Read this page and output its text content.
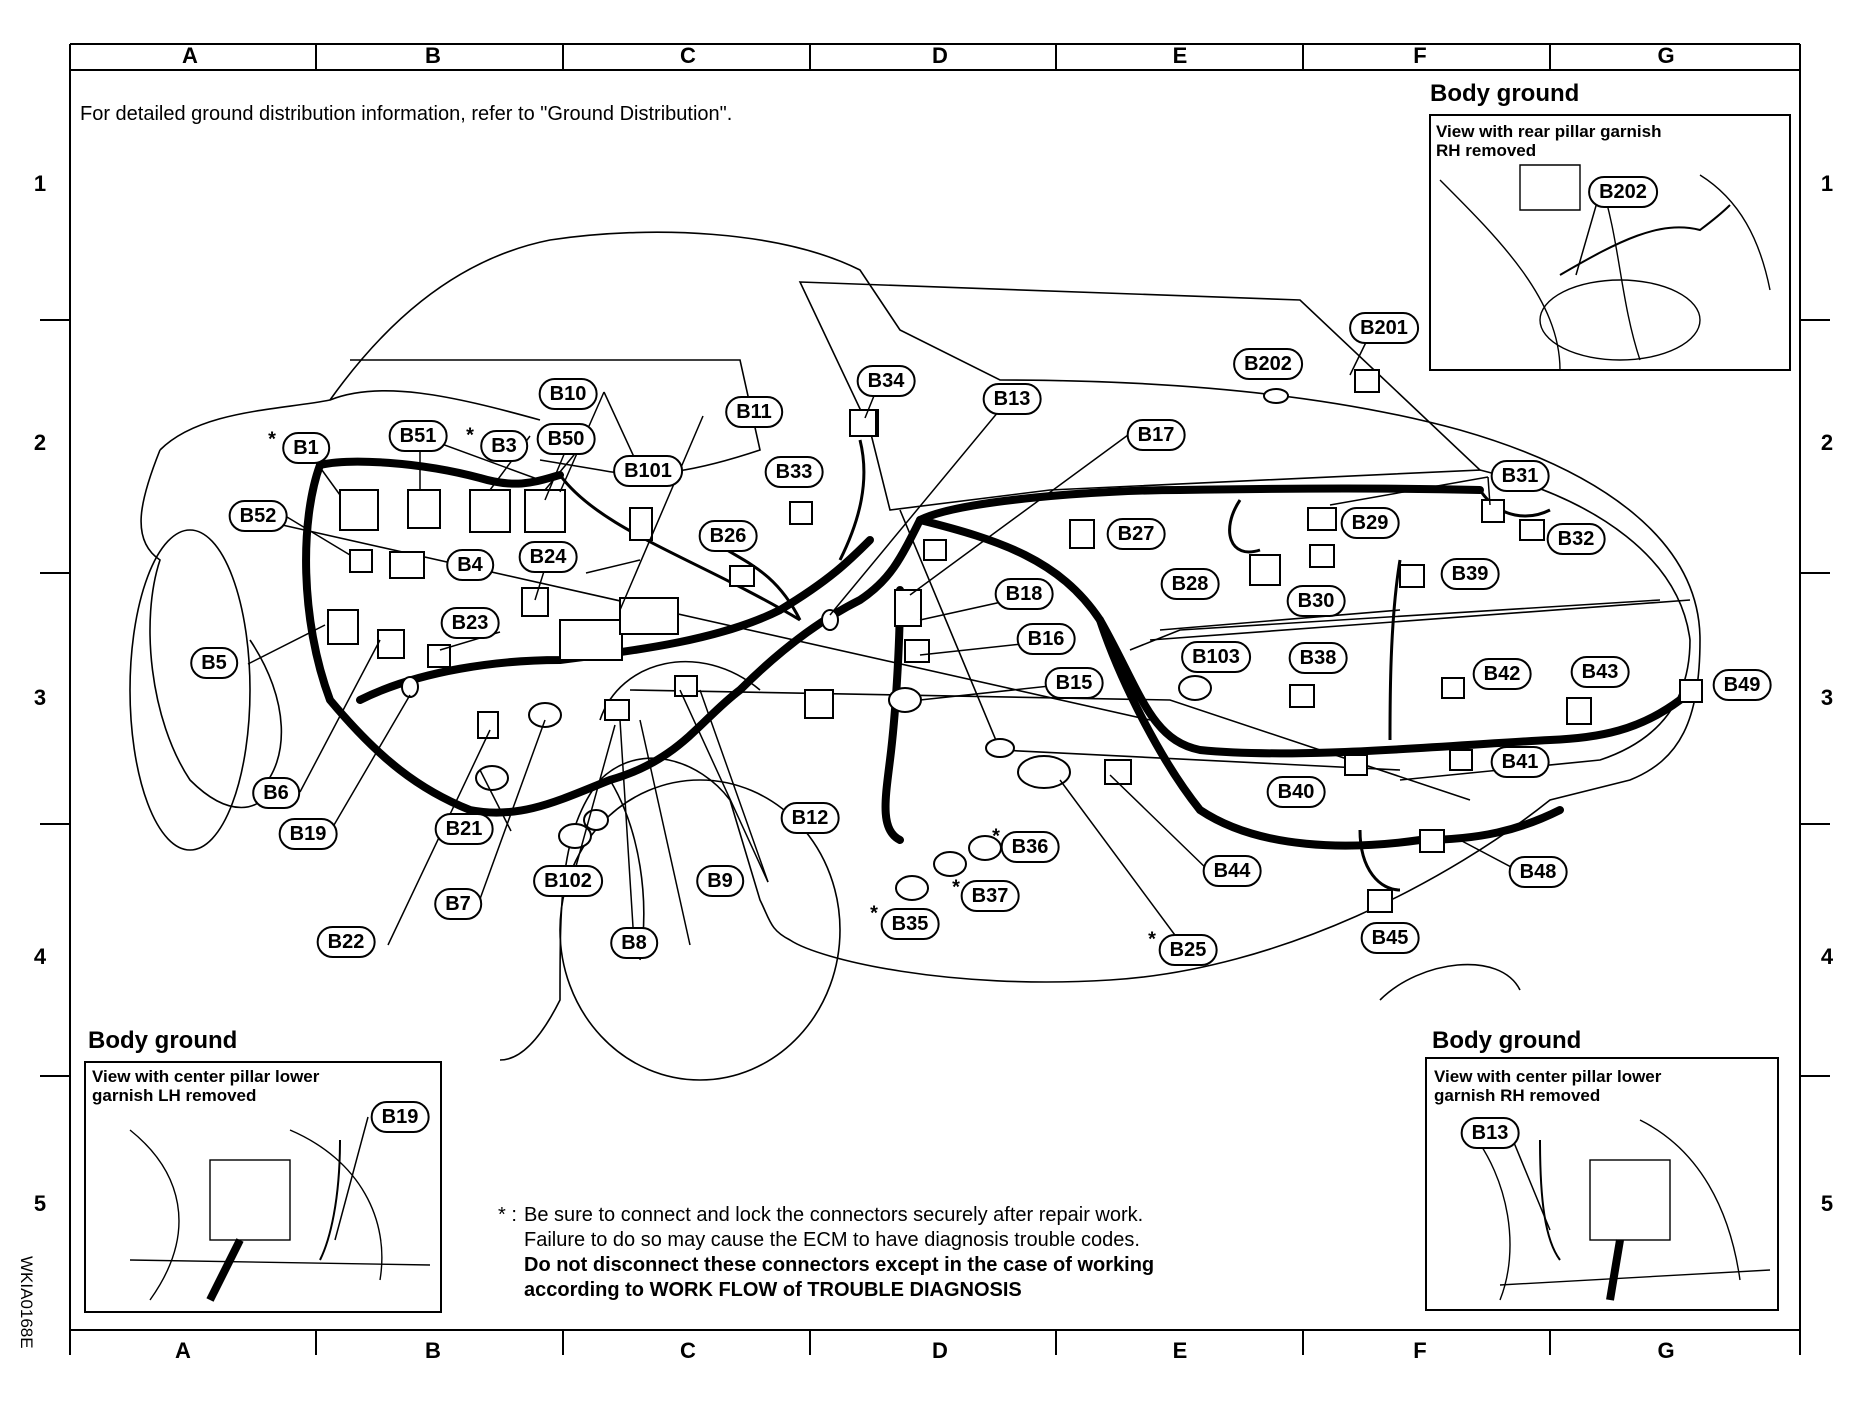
A	B	C	D	E	F	G
A	B	C	D	E	F	G
1
2
3
4
5
1
2
3
4
5
For detailed ground distribution information, refer to "Ground Distribution".
Body ground
View with rear pillar garnish
RH removed
B202
Body ground
View with center pillar lower
garnish LH removed
B19
Body ground
View with center pillar lower
garnish RH removed
B13
B1
*	B51	B3
*	B50
B10
B11
B101	B33
B34
B13
B17
B202
B201
B52
B4	B24
B26
B23
B5
B6
B19	B21
B102
B7
B22	B8
B9
B12
B18
B16
B15
B36
*
B37
*
B35
*
B27
B28
B29
B31
B32
B39
B30
B103	B38
B42	B43
B49
B41
B40
B44	B48
B45
B25
*
* : Be sure to connect and lock the connectors securely after repair work.
Failure to do so may cause the ECM to have diagnosis trouble codes.
Do not disconnect these connectors except in the case of working
according to WORK FLOW of TROUBLE DIAGNOSIS
WKIA0168E
